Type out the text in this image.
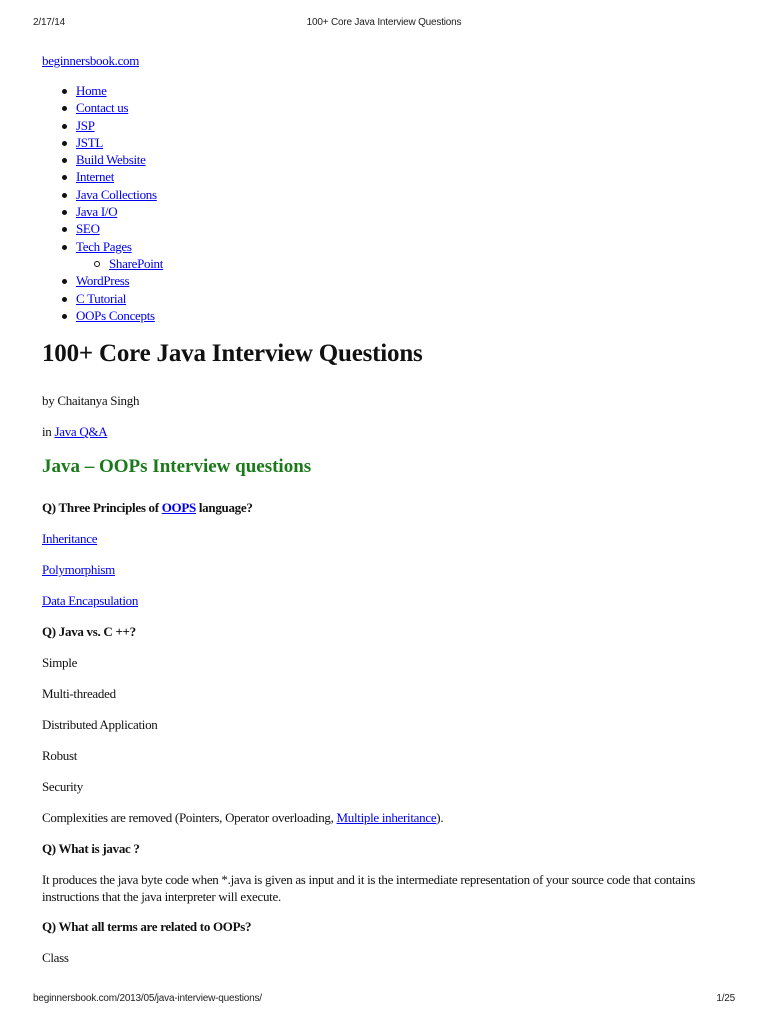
2/17/14	100+ Core Java Interview Questions
beginnersbook.com
Home
Contact us
JSP
JSTL
Build Website
Internet
Java Collections
Java I/O
SEO
Tech Pages
SharePoint
WordPress
C Tutorial
OOPs Concepts
100+ Core Java Interview Questions
by Chaitanya Singh
in Java Q&A
Java – OOPs Interview questions
Q) Three Principles of OOPS language?
Inheritance
Polymorphism
Data Encapsulation
Q) Java vs. C ++?
Simple
Multi-threaded
Distributed Application
Robust
Security
Complexities are removed (Pointers, Operator overloading, Multiple inheritance).
Q) What is javac ?
It produces the java byte code when *.java is given as input and it is the intermediate representation of your source code that contains instructions that the java interpreter will execute.
Q) What all terms are related to OOPs?
Class
beginnersbook.com/2013/05/java-interview-questions/	1/25
